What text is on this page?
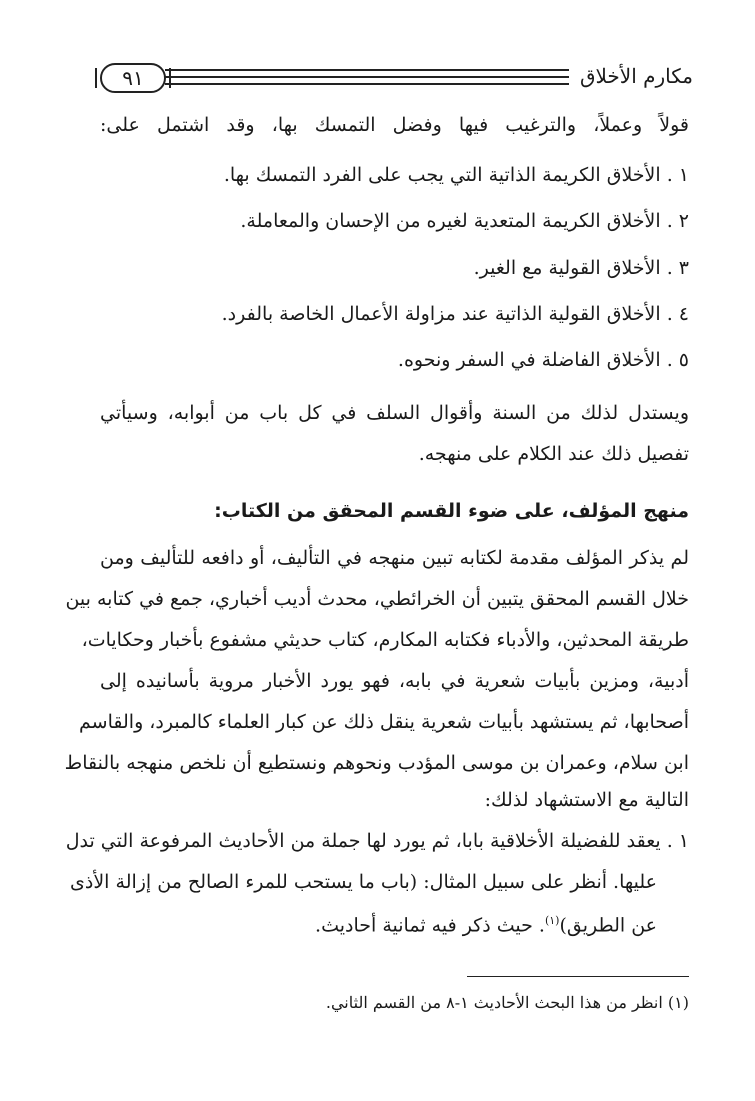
مكارم الأخلاق
٩١
قولاً وعملاً، والترغيب فيها وفضل التمسك بها، وقد اشتمل على:
١ . الأخلاق الكريمة الذاتية التي يجب على الفرد التمسك بها.
٢ . الأخلاق الكريمة المتعدية لغيره من الإحسان والمعاملة.
٣ . الأخلاق القولية مع الغير.
٤ . الأخلاق القولية الذاتية عند مزاولة الأعمال الخاصة بالفرد.
٥ . الأخلاق الفاضلة في السفر ونحوه.
ويستدل لذلك من السنة وأقوال السلف في كل باب من أبوابه، وسيأتي
تفصيل ذلك عند الكلام على منهجه.
منهج المؤلف، على ضوء القسم المحقق من الكتاب:
لم يذكر المؤلف مقدمة لكتابه تبين منهجه في التأليف، أو دافعه للتأليف ومن
خلال القسم المحقق يتبين أن الخرائطي، محدث أديب أخباري، جمع في كتابه بين
طريقة المحدثين، والأدباء فكتابه المكارم، كتاب حديثي مشفوع بأخبار وحكايات،
أدبية، ومزين بأبيات شعرية في بابه، فهو يورد الأخبار مروية بأسانيده إلى
أصحابها، ثم يستشهد بأبيات شعرية ينقل ذلك عن كبار العلماء كالمبرد، والقاسم
ابن سلام، وعمران بن موسى المؤدب ونحوهم ونستطيع أن نلخص منهجه بالنقاط
التالية مع الاستشهاد لذلك:
١ . يعقد للفضيلة الأخلاقية بابا، ثم يورد لها جملة من الأحاديث المرفوعة التي تدل
عليها. أنظر على سبيل المثال: (باب ما يستحب للمرء الصالح من إزالة الأذى
عن الطريق)$^{(١)}$. حيث ذكر فيه ثمانية أحاديث.
(١) انظر من هذا البحث الأحاديث ١-٨ من القسم الثاني.
